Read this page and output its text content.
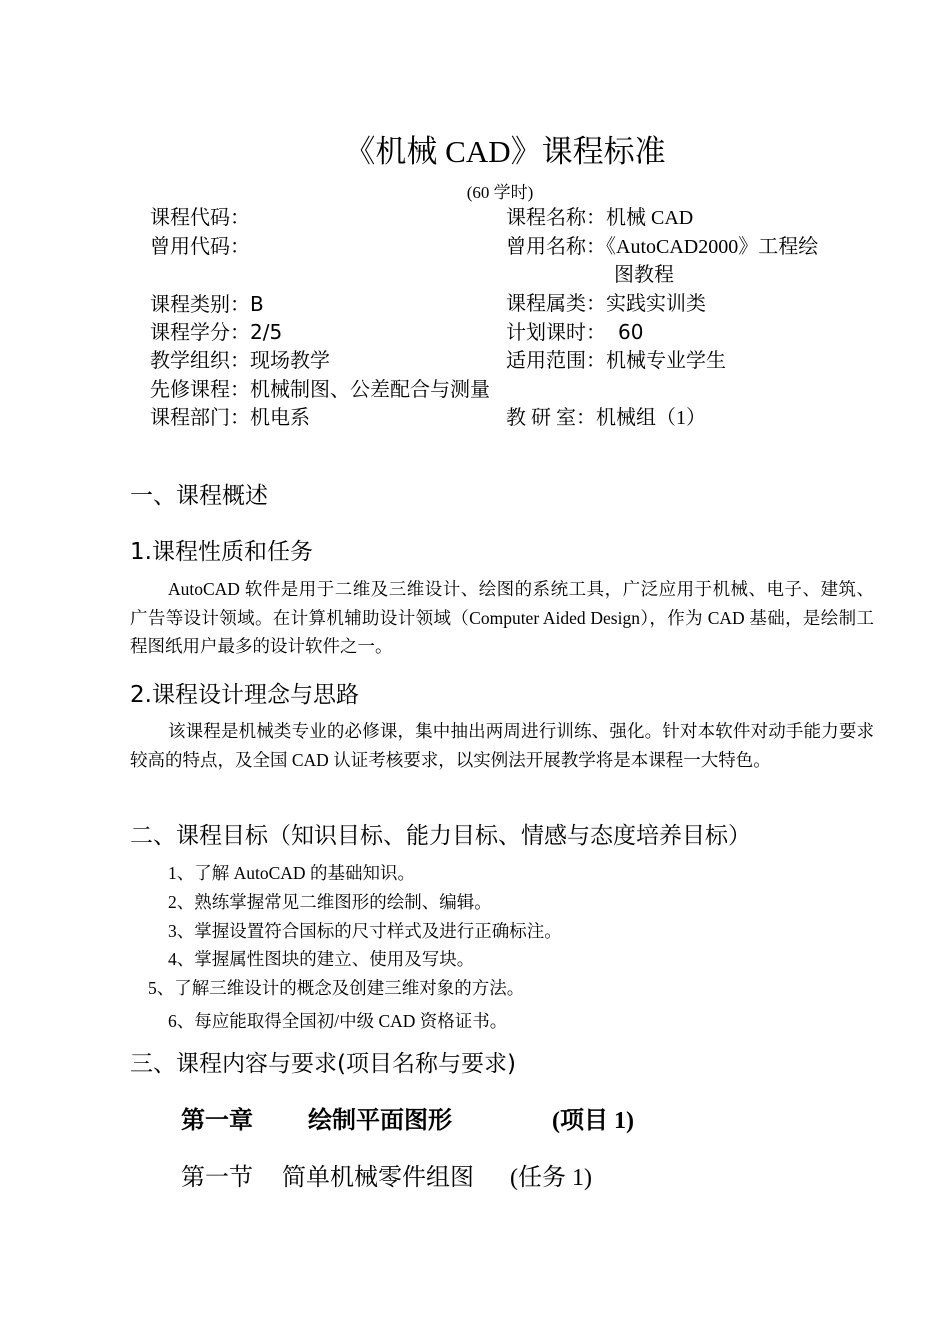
《机械 CAD》课程标准
(60 学时)
课程代码：
曾用代码：
课程类别：B
课程学分：2/5
教学组织：现场教学
先修课程：机械制图、公差配合与测量
课程部门：机电系
课程名称：机械 CAD
曾用名称：《AutoCAD2000》工程绘
图教程
课程属类：实践实训类
计划课时： 60
适用范围：机械专业学生
教 研 室：机械组（1）
一、课程概述
1.课程性质和任务

AutoCAD 软件是用于二维及三维设计、绘图的系统工具，广泛应用于机械、电子、建筑、广告等设计领域。在计算机辅助设计领域（Computer Aided Design），作为 CAD 基础，是绘制工程图纸用户最多的设计软件之一。

2.课程设计理念与思路

该课程是机械类专业的必修课，集中抽出两周进行训练、强化。针对本软件对动手能力要求较高的特点，及全国 CAD 认证考核要求，以实例法开展教学将是本课程一大特色。

二、课程目标（知识目标、能力目标、情感与态度培养目标）
1、了解 AutoCAD 的基础知识。
2、熟练掌握常见二维图形的绘制、编辑。
3、掌握设置符合国标的尺寸样式及进行正确标注。
4、掌握属性图块的建立、使用及写块。
5、了解三维设计的概念及创建三维对象的方法。
6、每应能取得全国初/中级 CAD 资格证书。
三、课程内容与要求(项目名称与要求)
第一章 绘制平面图形	(项目 1)
第一节 简单机械零件组图 (任务 1)
